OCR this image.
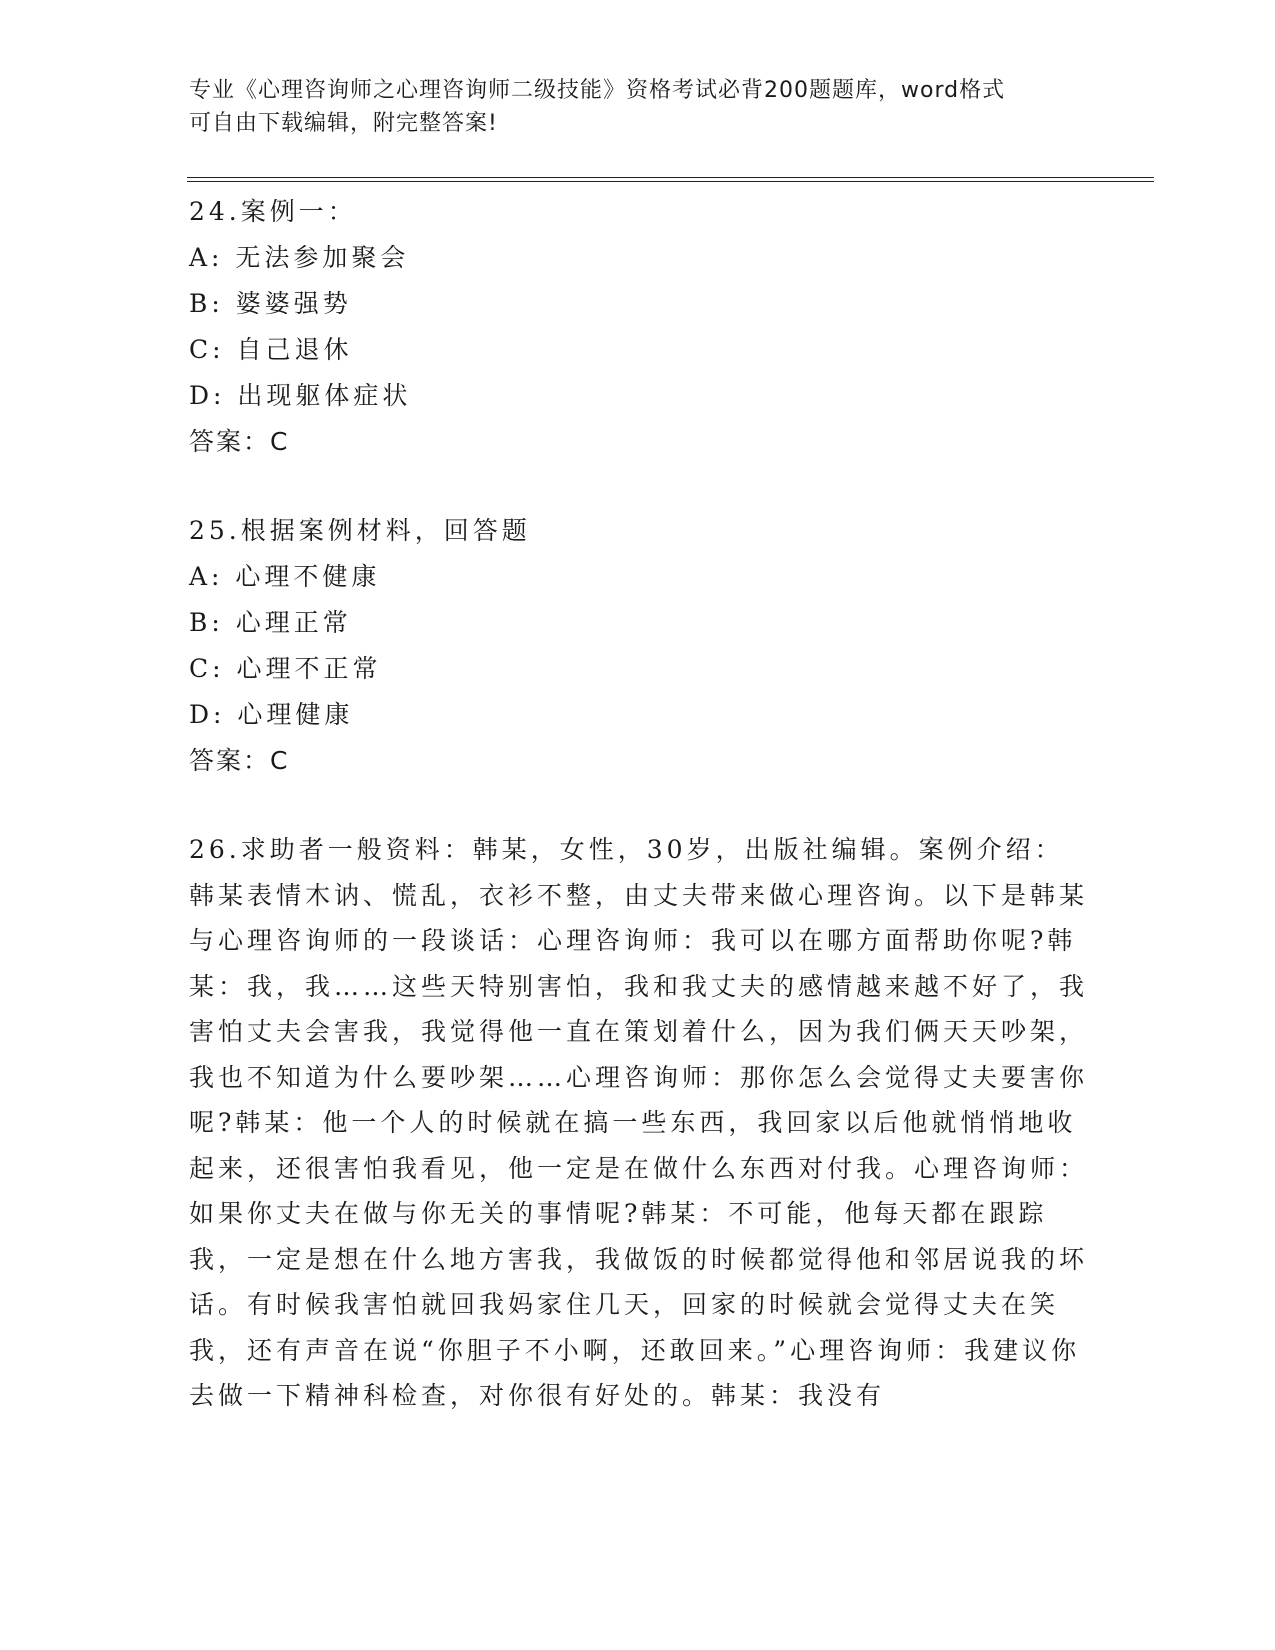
专业《心理咨询师之心理咨询师二级技能》资格考试必背200题题库，word格式
可自由下载编辑，附完整答案!
24.案例一：
A: 无法参加聚会
B: 婆婆强势
C: 自己退休
D: 出现躯体症状
答案：C
25.根据案例材料，回答题
A: 心理不健康
B: 心理正常
C: 心理不正常
D: 心理健康
答案：C
26.求助者一般资料：韩某，女性，30岁，出版社编辑。案例介绍：韩某表情木讷、慌乱，衣衫不整，由丈夫带来做心理咨询。以下是韩某与心理咨询师的一段谈话：心理咨询师：我可以在哪方面帮助你呢?韩某：我，我……这些天特别害怕，我和我丈夫的感情越来越不好了，我害怕丈夫会害我，我觉得他一直在策划着什么，因为我们俩天天吵架，我也不知道为什么要吵架……心理咨询师：那你怎么会觉得丈夫要害你呢?韩某：他一个人的时候就在搞一些东西，我回家以后他就悄悄地收起来，还很害怕我看见，他一定是在做什么东西对付我。心理咨询师：如果你丈夫在做与你无关的事情呢?韩某：不可能，他每天都在跟踪我，一定是想在什么地方害我，我做饭的时候都觉得他和邻居说我的坏话。有时候我害怕就回我妈家住几天，回家的时候就会觉得丈夫在笑我，还有声音在说“你胆子不小啊，还敢回来。”心理咨询师：我建议你去做一下精神科检查，对你很有好处的。韩某：我没有
